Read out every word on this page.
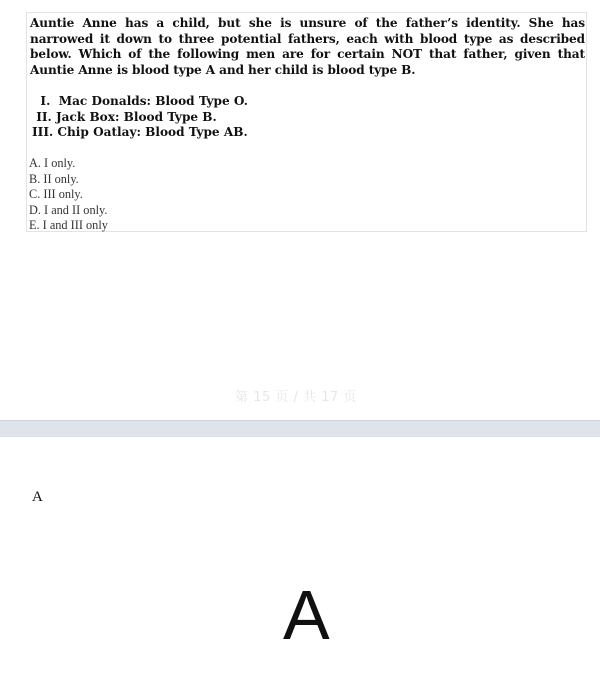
Auntie Anne has a child, but she is unsure of the father’s identity. She has narrowed it down to three potential fathers, each with blood type as described below. Which of the following men are for certain NOT that father, given that Auntie Anne is blood type A and her child is blood type B.

I.  Mac Donalds: Blood Type O.
II. Jack Box: Blood Type B.
III. Chip Oatlay: Blood Type AB.
A. I only.
B. II only.
C. III only.
D. I and II only.
E. I and III only
第 15 页 / 共 17 页
A
A
